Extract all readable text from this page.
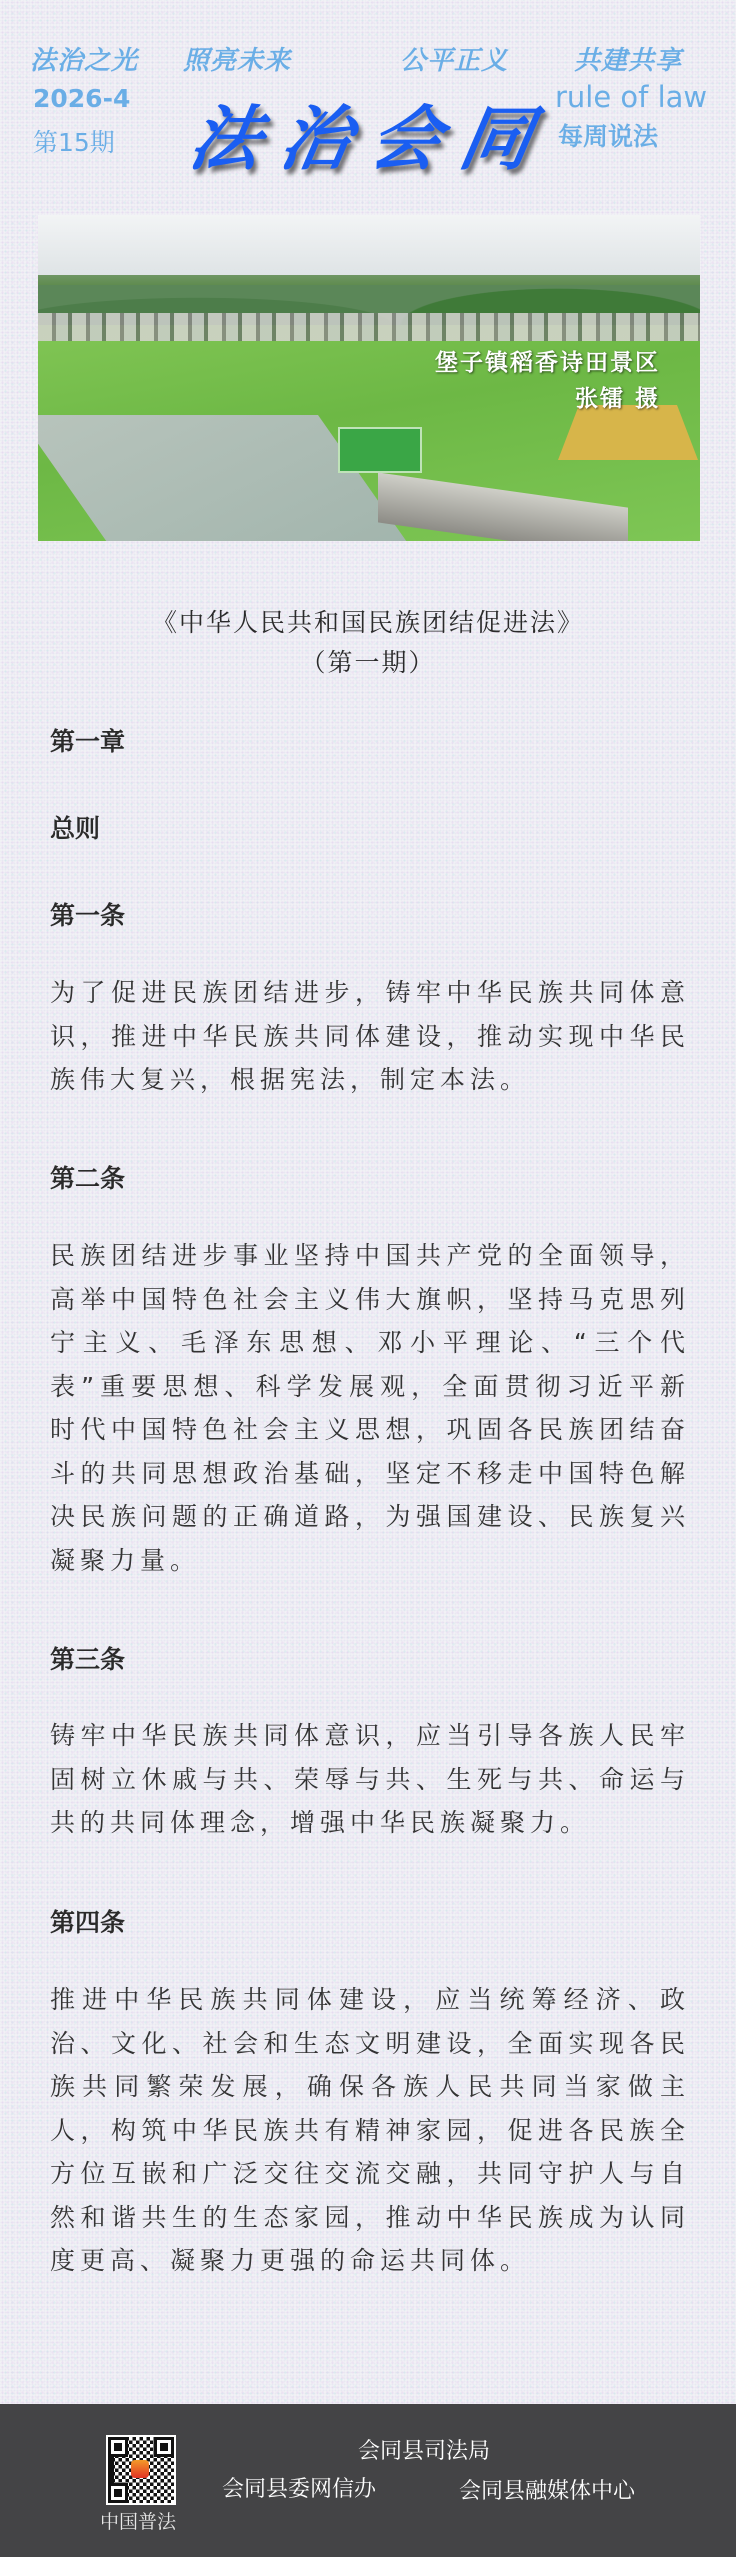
法治之光 照亮未来	公平正义	共建共享
2026-4
第15期 法 治 会 同 rule of law
每周说法
堡子镇稻香诗田景区
张镭 摄
《中华人民共和国民族团结促进法》
（第一期）
第一章
总则
第一条

为了促进民族团结进步，铸牢中华民族共同体意识，推进中华民族共同体建设，推动实现中华民族伟大复兴，根据宪法，制定本法。

第二条

民族团结进步事业坚持中国共产党的全面领导，高举中国特色社会主义伟大旗帜，坚持马克思列宁主义、毛泽东思想、邓小平理论、“三个代表”重要思想、科学发展观，全面贯彻习近平新时代中国特色社会主义思想，巩固各民族团结奋斗的共同思想政治基础，坚定不移走中国特色解决民族问题的正确道路，为强国建设、民族复兴凝聚力量。

第三条

铸牢中华民族共同体意识，应当引导各族人民牢固树立休戚与共、荣辱与共、生死与共、命运与共的共同体理念，增强中华民族凝聚力。

第四条

推进中华民族共同体建设，应当统筹经济、政治、文化、社会和生态文明建设，全面实现各民族共同繁荣发展，确保各族人民共同当家做主人，构筑中华民族共有精神家园，促进各民族全方位互嵌和广泛交往交流交融，共同守护人与自然和谐共生的生态家园，推动中华民族成为认同度更高、凝聚力更强的命运共同体。

中国普法
会同县司法局
会同县委网信办	会同县融媒体中心
